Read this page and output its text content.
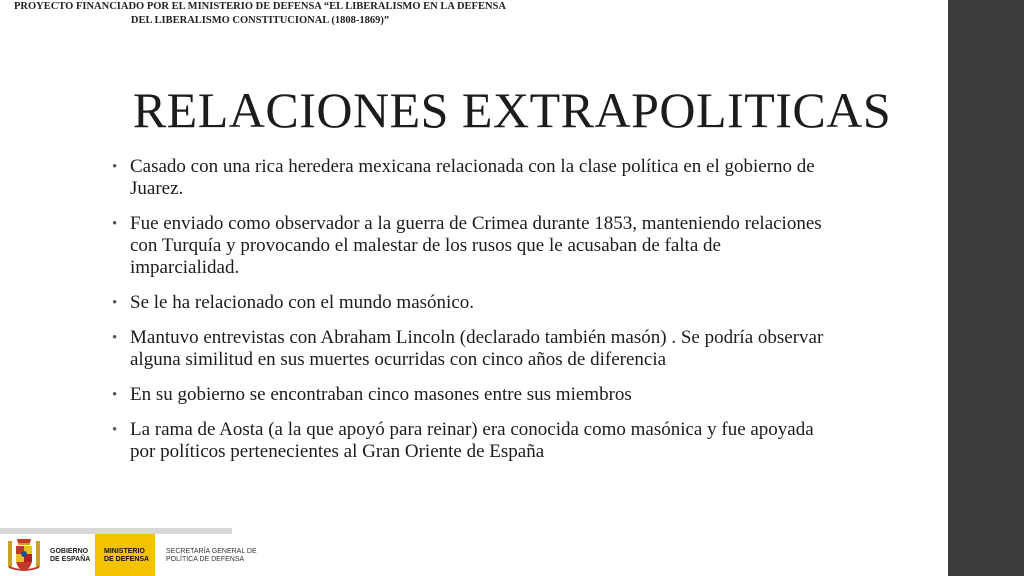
PROYECTO FINANCIADO POR EL MINISTERIO DE DEFENSA “EL LIBERALISMO EN LA DEFENSA
DEL LIBERALISMO CONSTITUCIONAL (1808-1869)”
RELACIONES EXTRAPOLITICAS
• Casado con una rica heredera mexicana relacionada con la clase política en el gobierno de Juarez.
• Fue enviado como observador a la guerra de Crimea durante 1853, manteniendo relaciones con Turquía y provocando el malestar de los rusos que le acusaban de falta de imparcialidad.
• Se le ha relacionado con el mundo masónico.
• Mantuvo entrevistas con Abraham Lincoln (declarado también masón) . Se podría observar alguna similitud en sus muertes ocurridas con cinco años de diferencia
• En su gobierno se encontraban cinco masones entre sus miembros
• La rama de Aosta (a la que apoyó para reinar) era conocida como masónica y fue apoyada por políticos pertenecientes al Gran Oriente de España
GOBIERNO
DE ESPAÑA
MINISTERIO
DE DEFENSA
SECRETARÍA GENERAL DE
POLÍTICA DE DEFENSA
